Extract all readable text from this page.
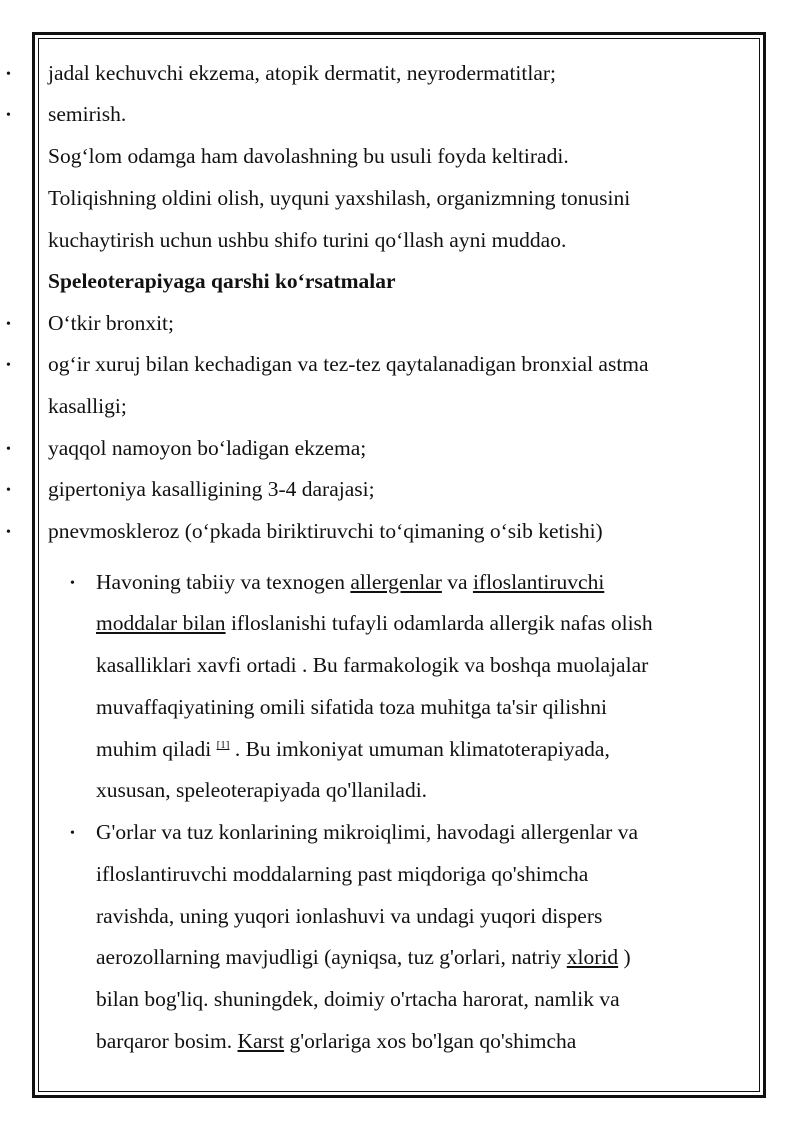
• jadal kechuvchi ekzema, atopik dermatit, neyrodermatitlar;
• semirish.
Sog‘lom odamga ham davolashning bu usuli foyda keltiradi.
Toliqishning oldini olish, uyquni yaxshilash, organizmning tonusini
kuchaytirish uchun ushbu shifo turini qo‘llash ayni muddao.
Speleoterapiyaga qarshi ko‘rsatmalar
• O‘tkir bronxit;
• og‘ir xuruj bilan kechadigan va tez-tez qaytalanadigan bronxial astma
kasalligi;
• yaqqol namoyon bo‘ladigan ekzema;
• gipertoniya kasalligining 3-4 darajasi;
• pnevmoskleroz (o‘pkada biriktiruvchi to‘qimaning o‘sib ketishi)
• Havoning tabiiy va texnogen allergenlar va ifloslantiruvchi
moddalar bilan ifloslanishi tufayli odamlarda allergik nafas olish
kasalliklari xavfi ortadi . Bu farmakologik va boshqa muolajalar
muvaffaqiyatining omili sifatida toza muhitga ta'sir qilishni
muhim qiladi [1] . Bu imkoniyat umuman klimatoterapiyada,
xususan, speleoterapiyada qo'llaniladi.
• G'orlar va tuz konlarining mikroiqlimi, havodagi allergenlar va
ifloslantiruvchi moddalarning past miqdoriga qo'shimcha
ravishda, uning yuqori ionlashuvi va undagi yuqori dispers
aerozollarning mavjudligi (ayniqsa, tuz g'orlari, natriy xlorid )
bilan bog'liq. shuningdek, doimiy o'rtacha harorat, namlik va
barqaror bosim. Karst g'orlariga xos bo'lgan qo'shimcha
